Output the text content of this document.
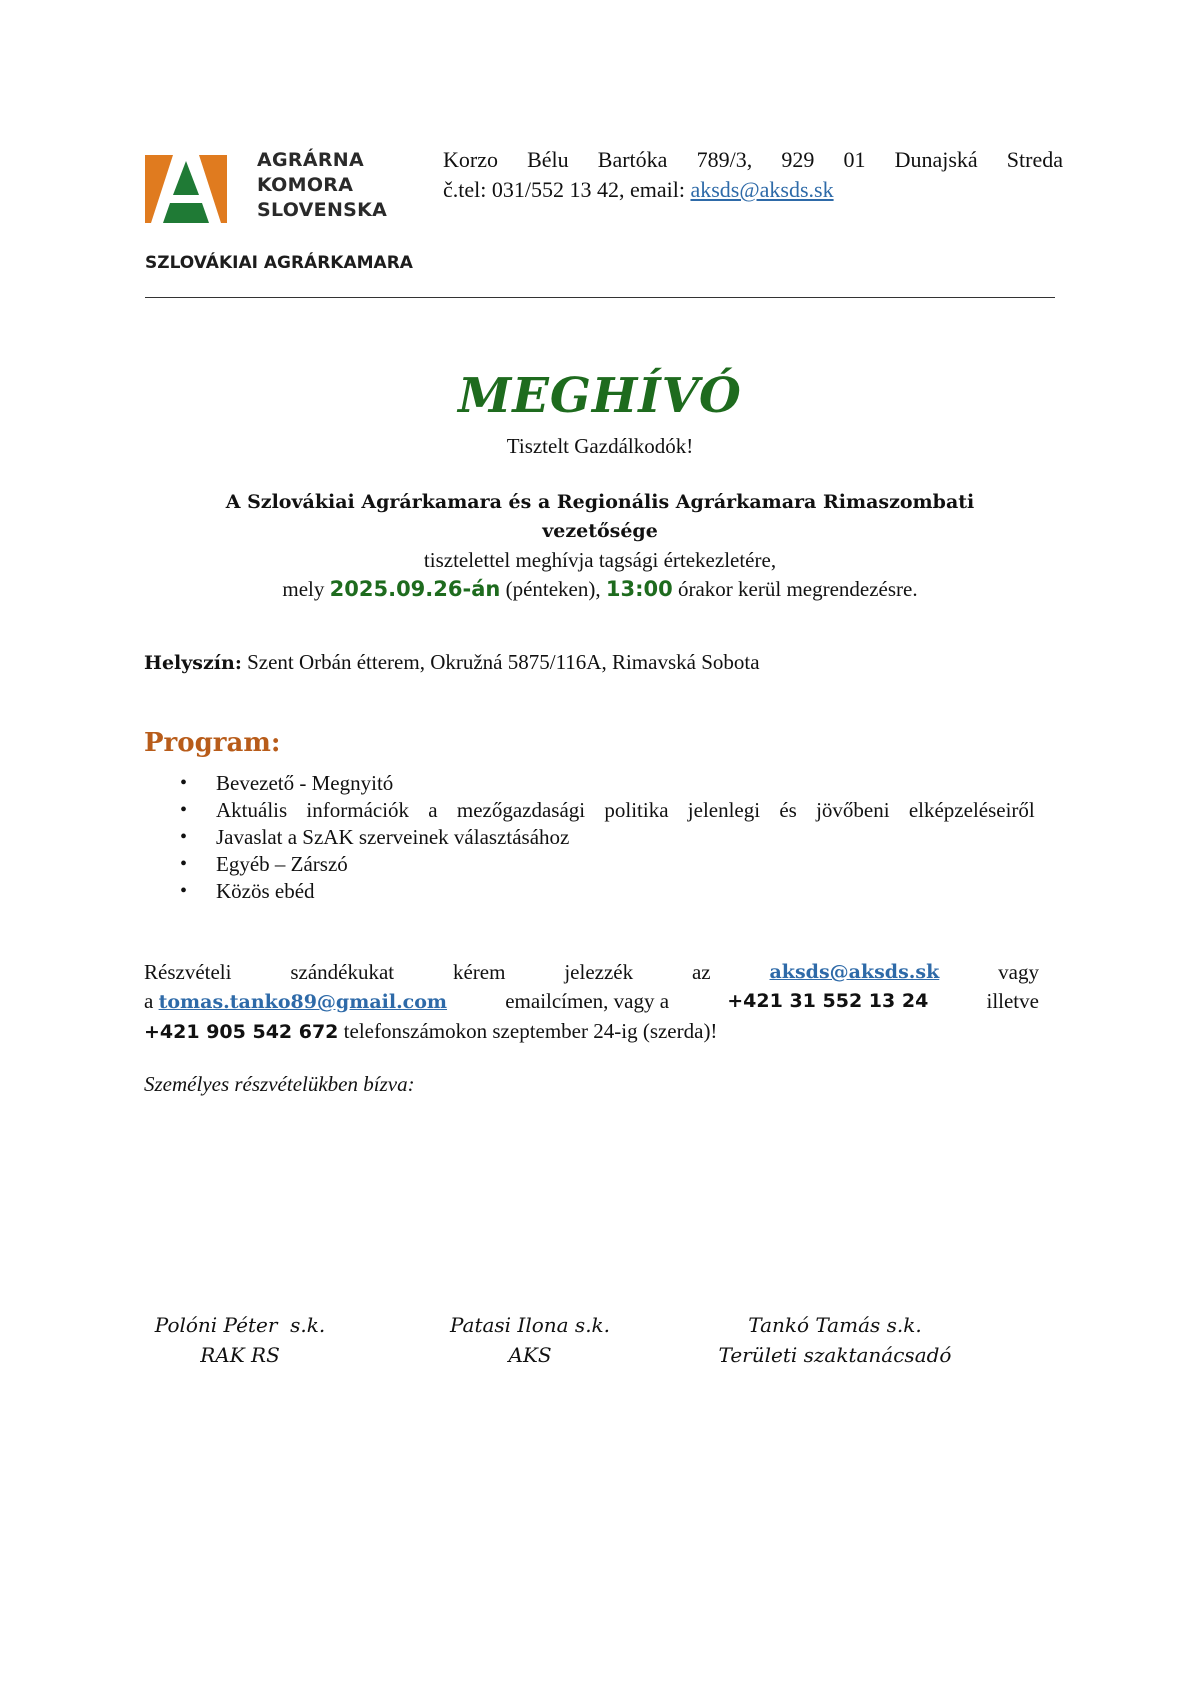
AGRÁRNA
KOMORA
SLOVENSKA
SZLOVÁKIAI AGRÁRKAMARA
Korzo Bélu Bartóka 789/3, 929 01 Dunajská Streda
č.tel: 031/552 13 42, email: aksds@aksds.sk
MEGHÍVÓ
Tisztelt Gazdálkodók!
A Szlovákiai Agrárkamara és a Regionális Agrárkamara Rimaszombati
vezetősége
tisztelettel meghívja tagsági értekezletére,
mely 2025.09.26-án (pénteken), 13:00 órakor kerül megrendezésre.
Helyszín: Szent Orbán étterem, Okružná 5875/116A, Rimavská Sobota
Program:
• Bevezető - Megnyitó
• Aktuális információk a mezőgazdasági politika jelenlegi és jövőbeni elképzeléseiről
• Javaslat a SzAK szerveinek választásához
• Egyéb – Zárszó
• Közös ebéd
Részvételi	szándékukat	kérem	jelezzék	az	aksds@aksds.sk	vagy
a tomas.tanko89@gmail.com	emailcímen, vagy a	+421 31 552 13 24	illetve
+421 905 542 672 telefonszámokon szeptember 24-ig (szerda)!
Személyes részvételükben bízva:
Polóni Péter  s.k.
RAK RS
Patasi Ilona s.k.
AKS
Tankó Tamás s.k.
Területi szaktanácsadó
